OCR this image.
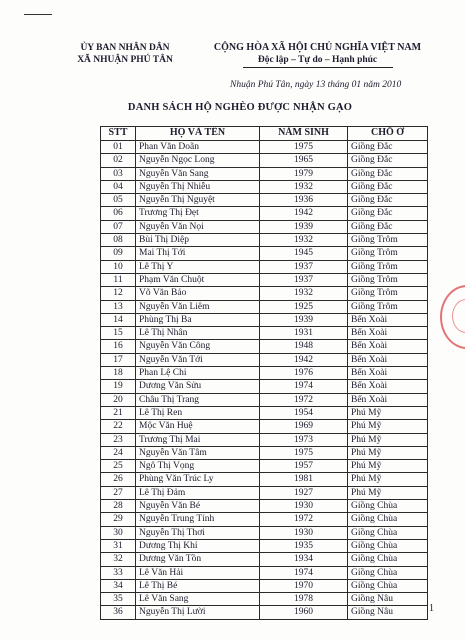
ỦY BAN NHÂN DÂN
XÃ NHUẬN PHÚ TÂN
CỘNG HÒA XÃ HỘI CHỦ NGHĨA VIỆT NAM
Độc lập – Tự do – Hạnh phúc
Nhuận Phú Tân, ngày 13 tháng 01 năm 2010
DANH SÁCH HỘ NGHÈO ĐƯỢC NHẬN GẠO
STT	HỌ VÀ TÊN	NĂM SINH	CHỖ Ở
01	Phan Văn Doãn	1975	Giồng Đắc
02	Nguyễn Ngọc Long	1965	Giồng Đắc
03	Nguyễn Văn Sang	1979	Giồng Đắc
04	Nguyễn Thị Nhiễu	1932	Giồng Đắc
05	Nguyễn Thị Nguyệt	1936	Giồng Đắc
06	Trương Thị Đẹt	1942	Giồng Đắc
07	Nguyễn Văn Nọi	1939	Giồng Đắc
08	Bùi Thị Diệp	1932	Giồng Trôm
09	Mai Thị Tới	1945	Giồng Trôm
10	Lê Thị Y	1937	Giồng Trôm
11	Phạm Văn Chuột	1937	Giồng Trôm
12	Võ Văn Bảo	1932	Giồng Trôm
13	Nguyễn Văn Liêm	1925	Giồng Trôm
14	Phùng Thị Ba	1939	Bến Xoài
15	Lê Thị Nhân	1931	Bến Xoài
16	Nguyễn Văn Công	1948	Bến Xoài
17	Nguyễn Văn Tới	1942	Bến Xoài
18	Phan Lệ Chi	1976	Bến Xoài
19	Dương Văn Sửu	1974	Bến Xoài
20	Châu Thị Trang	1972	Bến Xoài
21	Lê Thị Ren	1954	Phú Mỹ
22	Mộc Văn Huệ	1969	Phú Mỹ
23	Trương Thị Mai	1973	Phú Mỹ
24	Nguyễn Văn Tâm	1975	Phú Mỹ
25	Ngô Thị Vọng	1957	Phú Mỹ
26	Phùng Văn Trúc Ly	1981	Phú Mỹ
27	Lê Thị Đảm	1927	Phú Mỹ
28	Nguyễn Văn Bé	1930	Giồng Chùa
29	Nguyễn Trung Tính	1972	Giồng Chùa
30	Nguyễn Thị Thơi	1930	Giồng Chùa
31	Dương Thị Khỉ	1935	Giồng Chùa
32	Dương Văn Tồn	1934	Giồng Chùa
33	Lê Văn Hải	1974	Giồng Chùa
34	Lê Thị Bé	1970	Giồng Chùa
35	Lê Văn Sang	1978	Giồng Nâu
36	Nguyễn Thị Lười	1960	Giồng Nâu	1
